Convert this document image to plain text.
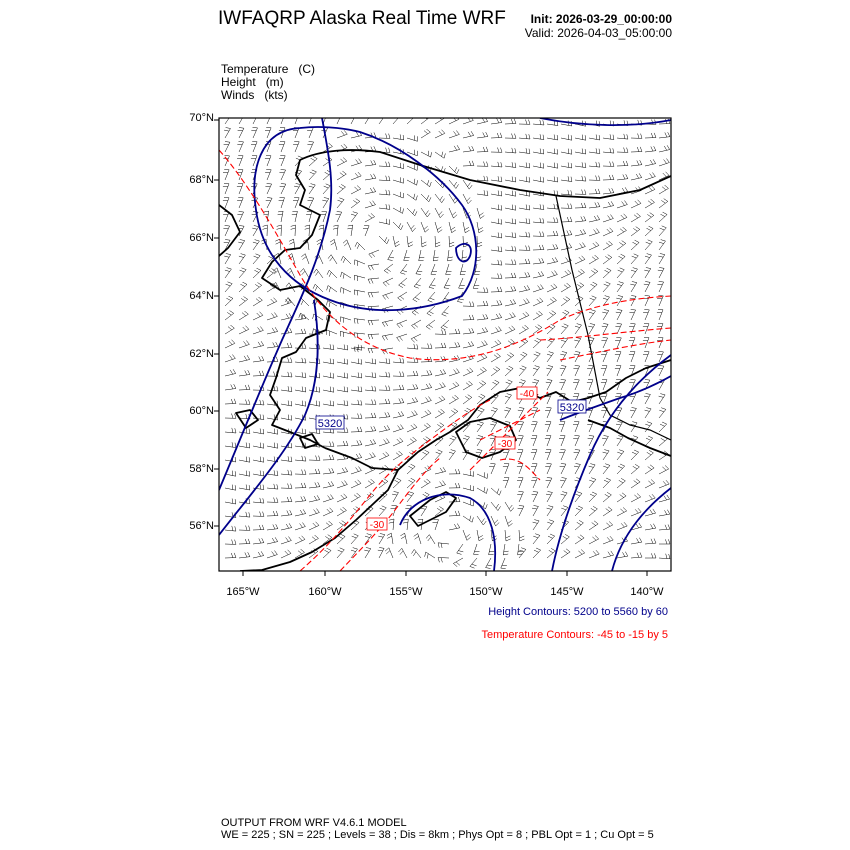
IWFAQRP Alaska Real Time WRF Init: 2026-03-29_00:00:00
Valid: 2026-04-03_05:00:00
Temperature   (C)
Height   (m)
Winds   (kts)
5320
5320
-40
-30
-30
70°N
68°N
66°N
64°N
62°N
60°N
58°N
56°N
165°W	160°W	155°W	150°W	145°W	140°W
Height Contours: 5200 to 5560 by 60
Temperature Contours: -45 to -15 by 5
OUTPUT FROM WRF V4.6.1 MODEL
WE = 225 ; SN = 225 ; Levels = 38 ; Dis = 8km ; Phys Opt = 8 ; PBL Opt = 1 ; Cu Opt = 5
